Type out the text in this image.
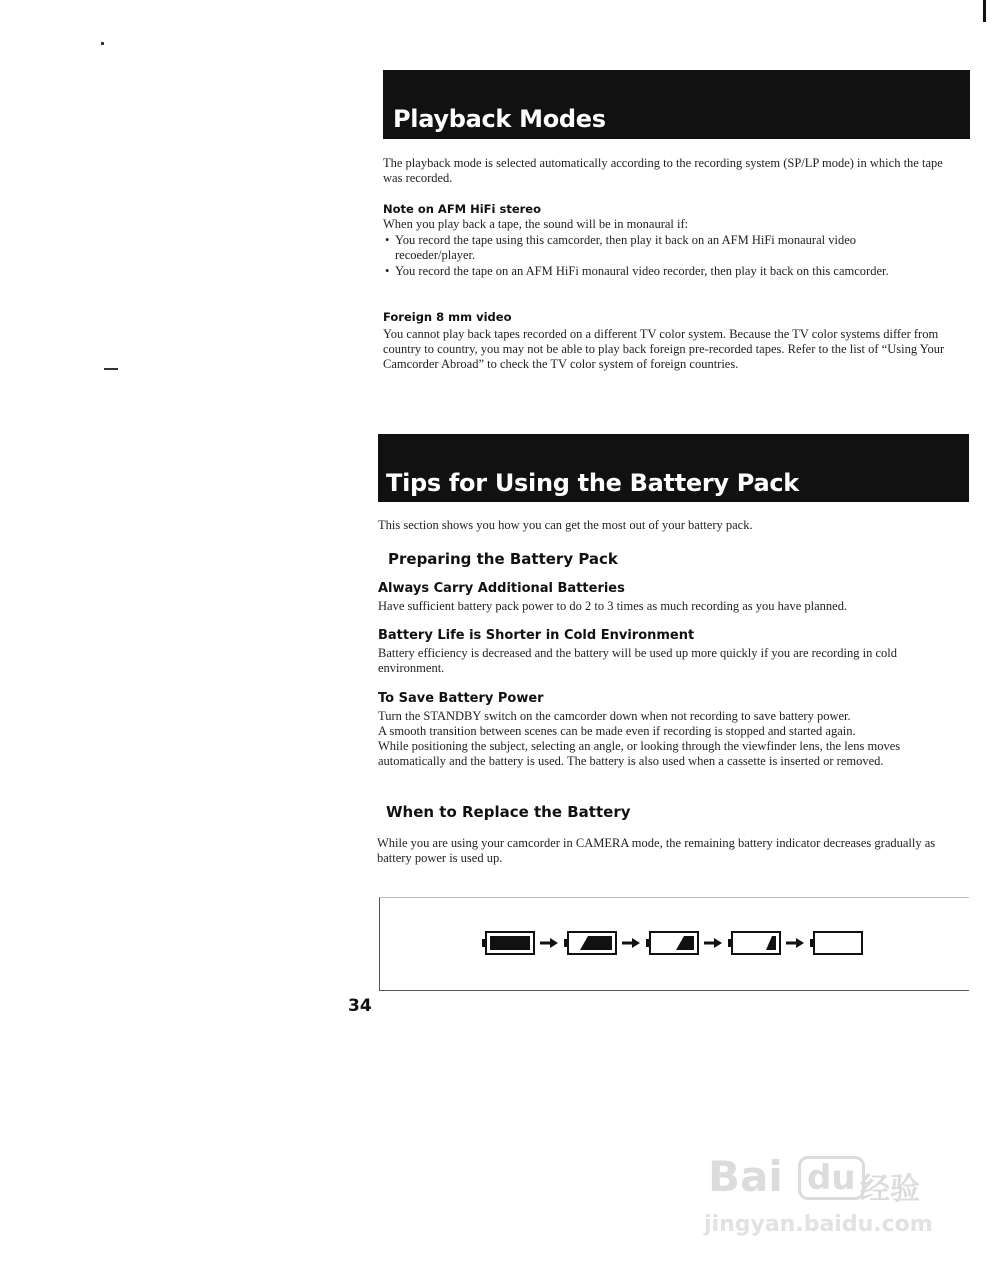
Playback Modes

The playback mode is selected automatically according to the recording system (SP/LP mode) in which the tape was recorded.

Note on AFM HiFi stereo

When you play back a tape, the sound will be in monaural if:

• You record the tape using this camcorder, then play it back on an AFM HiFi monaural video recoeder/player.
• You record the tape on an AFM HiFi monaural video recorder, then play it back on this camcorder.
Foreign 8 mm video

You cannot play back tapes recorded on a different TV color system. Because the TV color systems differ from country to country, you may not be able to play back foreign pre-recorded tapes. Refer to the list of “Using Your Camcorder Abroad” to check the TV color system of foreign countries.

Tips for Using the Battery Pack

This section shows you how you can get the most out of your battery pack.

Preparing the Battery Pack
Always Carry Additional Batteries

Have sufficient battery pack power to do 2 to 3 times as much recording as you have planned.

Battery Life is Shorter in Cold Environment

Battery efficiency is decreased and the battery will be used up more quickly if you are recording in cold environment.

To Save Battery Power

Turn the STANDBY switch on the camcorder down when not recording to save battery power.

A smooth transition between scenes can be made even if recording is stopped and started again.

While positioning the subject, selecting an angle, or looking through the viewfinder lens, the lens moves automatically and the battery is used. The battery is also used when a cassette is inserted or removed.

When to Replace the Battery

While you are using your camcorder in CAMERA mode, the remaining battery indicator decreases gradually as battery power is used up.

34
Bai du 经验
jingyan.baidu.com
